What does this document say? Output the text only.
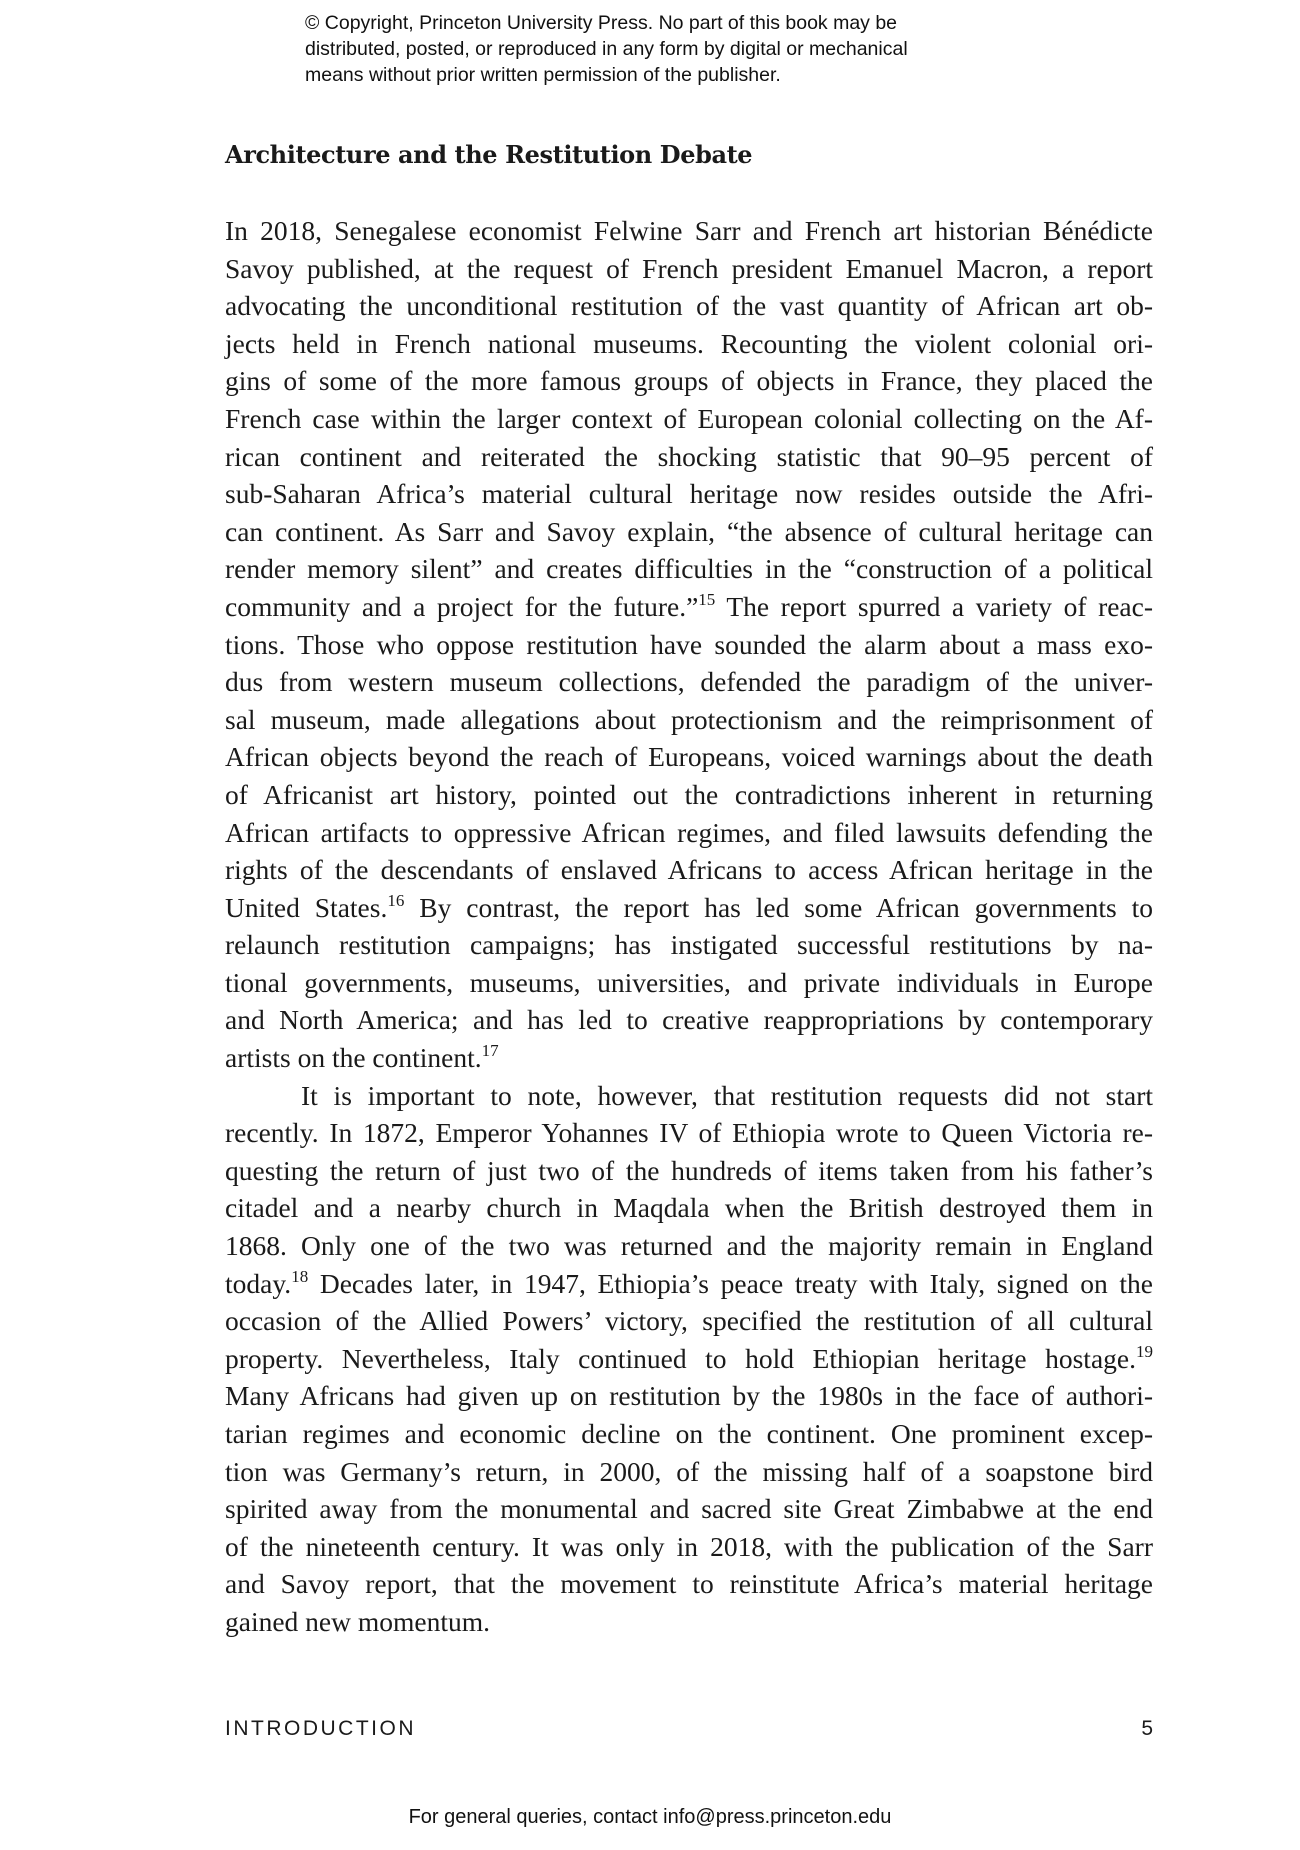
© Copyright, Princeton University Press. No part of this book may be
distributed, posted, or reproduced in any form by digital or mechanical
means without prior written permission of the publisher.
Architecture and the Restitution Debate
In 2018, Senegalese economist Felwine Sarr and French art historian Bénédicte
Savoy published, at the request of French president Emanuel Macron, a report
advocating the unconditional restitution of the vast quantity of African art ob-
jects held in French national museums. Recounting the violent colonial ori-
gins of some of the more famous groups of objects in France, they placed the
French case within the larger context of European colonial collecting on the Af-
rican continent and reiterated the shocking statistic that 90–95 percent of
sub-Saharan Africa’s material cultural heritage now resides outside the Afri-
can continent. As Sarr and Savoy explain, “the absence of cultural heritage can
render memory silent” and creates difficulties in the “construction of a political
community and a project for the future.”$^{15}$ The report spurred a variety of reac-
tions. Those who oppose restitution have sounded the alarm about a mass exo-
dus from western museum collections, defended the paradigm of the univer-
sal museum, made allegations about protectionism and the reimprisonment of
African objects beyond the reach of Europeans, voiced warnings about the death
of Africanist art history, pointed out the contradictions inherent in returning
African artifacts to oppressive African regimes, and filed lawsuits defending the
rights of the descendants of enslaved Africans to access African heritage in the
United States.$^{16}$ By contrast, the report has led some African governments to
relaunch restitution campaigns; has instigated successful restitutions by na-
tional governments, museums, universities, and private individuals in Europe
and North America; and has led to creative reappropriations by contemporary
artists on the continent.$^{17}$
It is important to note, however, that restitution requests did not start
recently. In 1872, Emperor Yohannes IV of Ethiopia wrote to Queen Victoria re-
questing the return of just two of the hundreds of items taken from his father’s
citadel and a nearby church in Maqdala when the British destroyed them in
1868. Only one of the two was returned and the majority remain in England
today.$^{18}$ Decades later, in 1947, Ethiopia’s peace treaty with Italy, signed on the
occasion of the Allied Powers’ victory, specified the restitution of all cultural
property. Nevertheless, Italy continued to hold Ethiopian heritage hostage.$^{19}$
Many Africans had given up on restitution by the 1980s in the face of authori-
tarian regimes and economic decline on the continent. One prominent excep-
tion was Germany’s return, in 2000, of the missing half of a soapstone bird
spirited away from the monumental and sacred site Great Zimbabwe at the end
of the nineteenth century. It was only in 2018, with the publication of the Sarr
and Savoy report, that the movement to reinstitute Africa’s material heritage
gained new momentum.
INTRODUCTION	5
For general queries, contact info@press.princeton.edu
